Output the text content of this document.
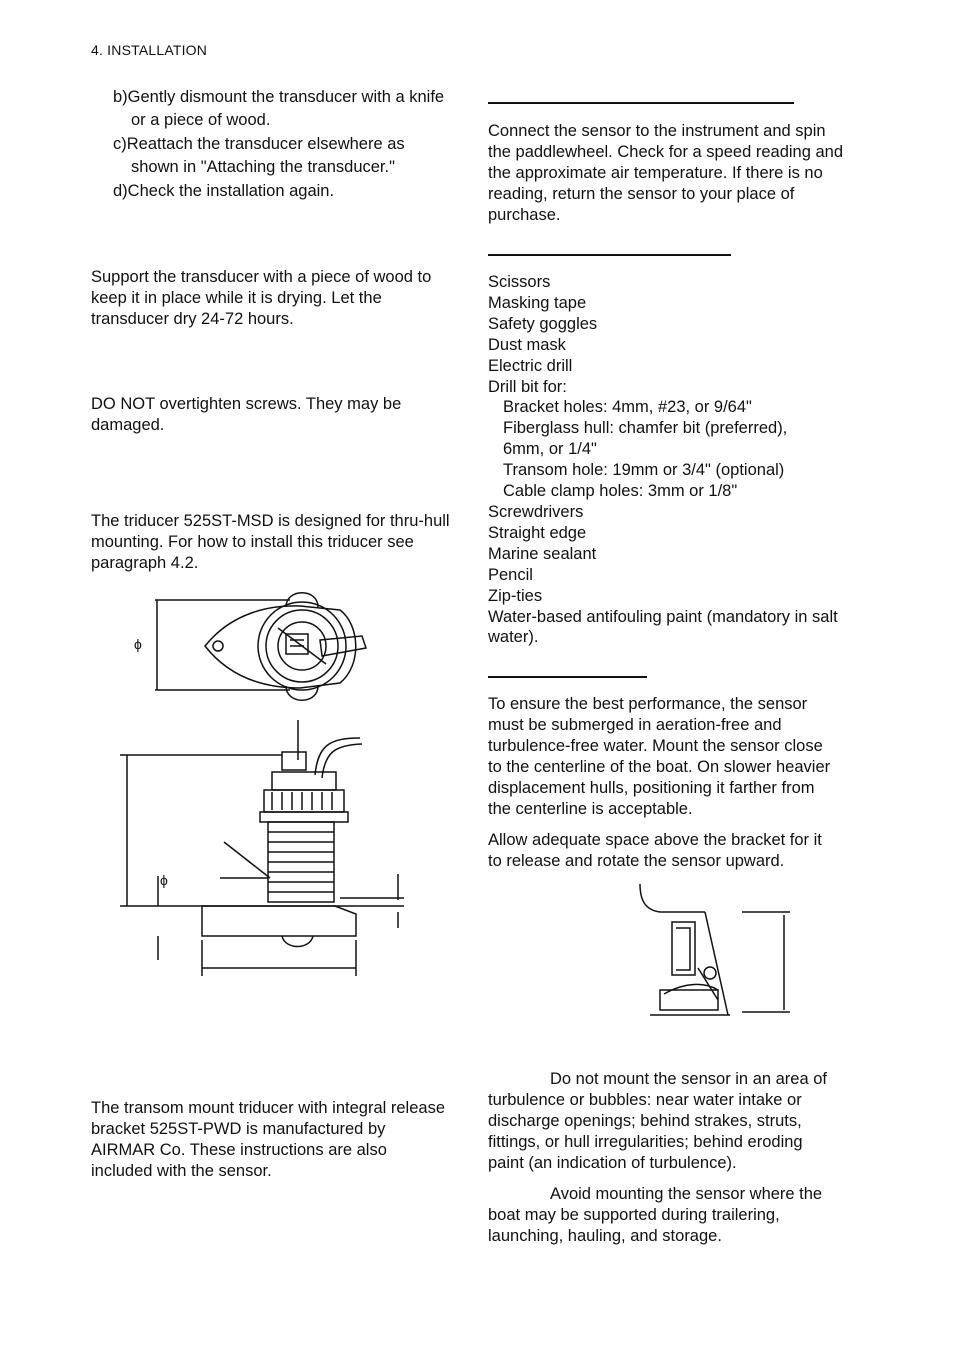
4. INSTALLATION

b)Gently dismount the transducer with a knife or a piece of wood.

c)Reattach the transducer elsewhere as shown in "Attaching the transducer."

d)Check the installation again.

Support the transducer with a piece of wood to keep it in place while it is drying. Let the transducer dry 24-72 hours.

DO NOT overtighten screws. They may be damaged.

The triducer 525ST-MSD is designed for thru-hull mounting. For how to install this triducer see paragraph 4.2.

ϕ
ϕ

The transom mount triducer with integral release bracket 525ST-PWD is manufactured by AIRMAR Co. These instructions are also included with the sensor.

Connect the sensor to the instrument and spin the paddlewheel. Check for a speed reading and the approximate air temperature. If there is no reading, return the sensor to your place of purchase.

Scissors
Masking tape
Safety goggles
Dust mask
Electric drill
Drill bit for:
Bracket holes: 4mm, #23, or 9/64"
Fiberglass hull: chamfer bit (preferred),
6mm, or 1/4"
Transom hole: 19mm or 3/4" (optional)
Cable clamp holes: 3mm or 1/8"
Screwdrivers
Straight edge
Marine sealant
Pencil
Zip-ties
Water-based antifouling paint (mandatory in salt water).

To ensure the best performance, the sensor must be submerged in aeration-free and turbulence-free water. Mount the sensor close to the centerline of the boat. On slower heavier displacement hulls, positioning it farther from the centerline is acceptable.

Allow adequate space above the bracket for it to release and rotate the sensor upward.

Do not mount the sensor in an area of turbulence or bubbles: near water intake or discharge openings; behind strakes, struts, fittings, or hull irregularities; behind eroding paint (an indication of turbulence).

Avoid mounting the sensor where the boat may be supported during trailering, launching, hauling, and storage.
